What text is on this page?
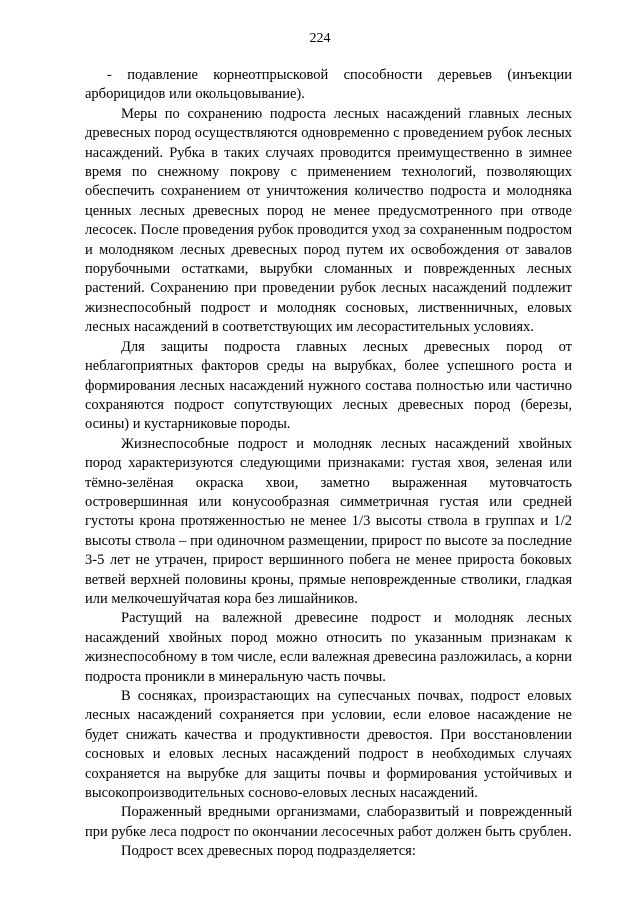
224

- подавление корнеотпрысковой способности деревьев (инъекции арборицидов или окольцовывание).

Меры по сохранению подроста лесных насаждений главных лесных древесных пород осуществляются одновременно с проведением рубок лесных насаждений. Рубка в таких случаях проводится преимущественно в зимнее время по снежному покрову с применением технологий, позволяющих обеспечить сохранением от уничтожения количество подроста и молодняка ценных лесных древесных пород не менее предусмотренного при отводе лесосек. После проведения рубок проводится уход за сохраненным подростом и молодняком лесных древесных пород путем их освобождения от завалов порубочными остатками, вырубки сломанных и поврежденных лесных растений. Сохранению при проведении рубок лесных насаждений подлежит жизнеспособный подрост и молодняк сосновых, лиственничных, еловых лесных насаждений в соответствующих им лесорастительных условиях.

Для защиты подроста главных лесных древесных пород от неблагоприятных факторов среды на вырубках, более успешного роста и формирования лесных насаждений нужного состава полностью или частично сохраняются подрост сопутствующих лесных древесных пород (березы, осины) и кустарниковые породы.

Жизнеспособные подрост и молодняк лесных насаждений хвойных пород характеризуются следующими признаками: густая хвоя, зеленая или тёмно-зелёная окраска хвои, заметно выраженная мутовчатость островершинная или конусообразная симметричная густая или средней густоты крона протяженностью не менее 1/3 высоты ствола в группах и 1/2 высоты ствола – при одиночном размещении, прирост по высоте за последние 3-5 лет не утрачен, прирост вершинного побега не менее прироста боковых ветвей верхней половины кроны, прямые неповрежденные стволики, гладкая или мелкочешуйчатая кора без лишайников.

Растущий на валежной древесине подрост и молодняк лесных насаждений хвойных пород можно относить по указанным признакам к жизнеспособному в том числе, если валежная древесина разложилась, а корни подроста проникли в минеральную часть почвы.

В сосняках, произрастающих на супесчаных почвах, подрост еловых лесных насаждений сохраняется при условии, если еловое насаждение не будет снижать качества и продуктивности древостоя. При восстановлении сосновых и еловых лесных насаждений подрост в необходимых случаях сохраняется на вырубке для защиты почвы и формирования устойчивых и высокопроизводительных сосново-еловых лесных насаждений.

Пораженный вредными организмами, слаборазвитый и поврежденный при рубке леса подрост по окончании лесосечных работ должен быть срублен.

Подрост всех древесных пород подразделяется:
